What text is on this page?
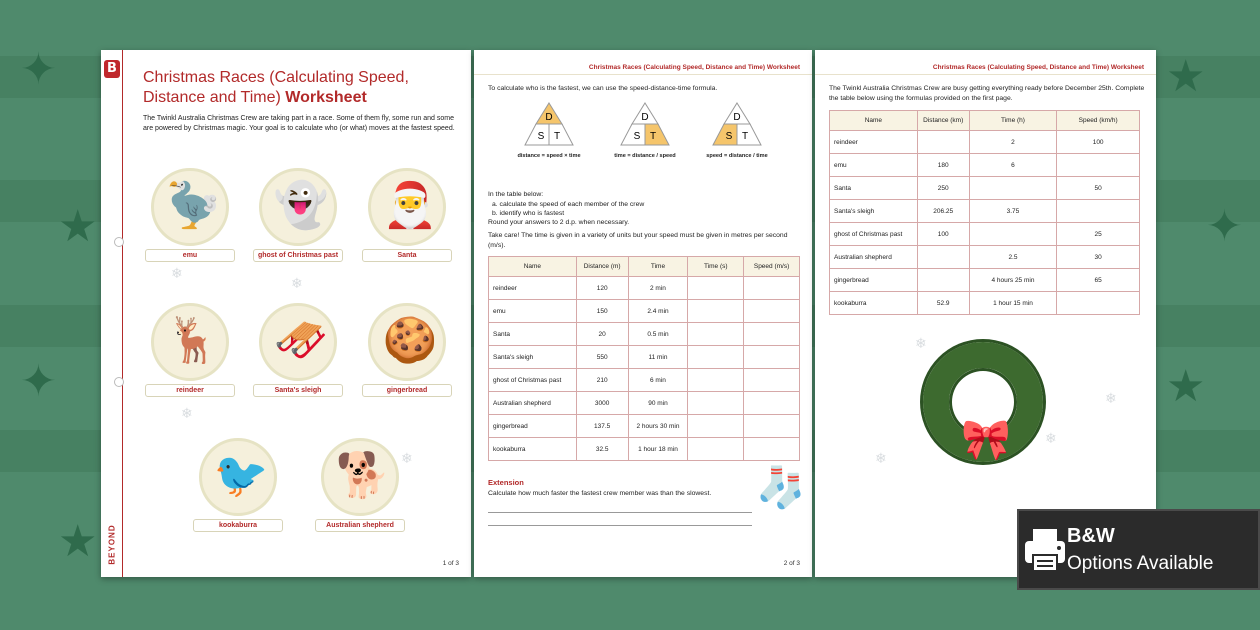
✦
★
✦
★
★
✦
★
B
BEYOND
Christmas Races (Calculating Speed, Distance and Time) Worksheet
The Twinkl Australia Christmas Crew are taking part in a race. Some of them fly, some run and some are powered by Christmas magic. Your goal is to calculate who (or what) moves at the fastest speed.
🦤
emu
👻
ghost of Christmas past
🎅
Santa
🦌
reindeer
🛷
Santa's sleigh
🍪
gingerbread
🐦
kookaburra
🐕
Australian shepherd
❄
❄
❄
❄
1 of 3
Christmas Races (Calculating Speed, Distance and Time) Worksheet
To calculate who is the fastest, we can use the speed-distance-time formula.
D
S T
distance = speed × time
D
S T
time = distance / speed
D
S T
speed = distance / time
In the table below:
a. calculate the speed of each member of the crew
b. identify who is fastest
Round your answers to 2 d.p. when necessary.
Take care! The time is given in a variety of units but your speed must be given in metres per second (m/s).
Name	Distance (m)	Time	Time (s)	Speed (m/s)
reindeer	120	2 min		
emu	150	2.4 min		
Santa	20	0.5 min		
Santa's sleigh	550	11 min		
ghost of Christmas past	210	6 min		
Australian shepherd	3000	90 min		
gingerbread	137.5	2 hours 30 min		
kookaburra	32.5	1 hour 18 min		
Extension
Calculate how much faster the fastest crew member was than the slowest.	🧦
2 of 3
Christmas Races (Calculating Speed, Distance and Time) Worksheet
The Twinkl Australia Christmas Crew are busy getting everything ready before December 25th. Complete the table below using the formulas provided on the first page.
Name	Distance (km)	Time (h)	Speed (km/h)
reindeer		2	100
emu	180	6	
Santa	250		50
Santa's sleigh	206.25	3.75	
ghost of Christmas past	100		25
Australian shepherd		2.5	30
gingerbread		4 hours 25 min	65
kookaburra	52.9	1 hour 15 min	
🎀
❄
❄
❄
❄
B&W
Options Available
